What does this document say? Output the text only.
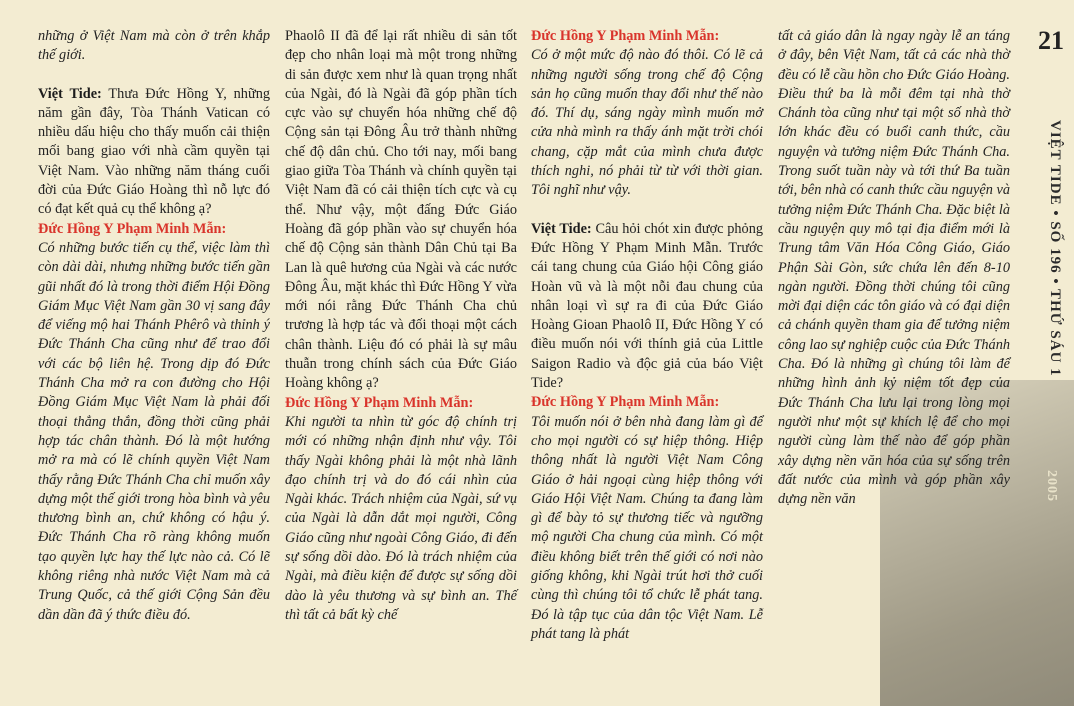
2005

những ở Việt Nam mà còn ở trên khắp thế giới.

Việt Tide: Thưa Đức Hồng Y, những năm gần đây, Tòa Thánh Vatican có nhiều dấu hiệu cho thấy muốn cải thiện mối bang giao với nhà cầm quyền tại Việt Nam. Vào những năm tháng cuối đời của Đức Giáo Hoàng thì nỗ lực đó có đạt kết quả cụ thể không ạ?

Đức Hồng Y Phạm Minh Mẫn:

Có những bước tiến cụ thể, việc làm thì còn dài dài, nhưng những bước tiến gần gũi nhất đó là trong thời điểm Hội Đồng Giám Mục Việt Nam gần 30 vị sang đây để viếng mộ hai Thánh Phêrô và thỉnh ý Đức Thánh Cha cũng như để trao đổi với các bộ liên hệ. Trong dịp đó Đức Thánh Cha mở ra con đường cho Hội Đồng Giám Mục Việt Nam là phải đối thoại thẳng thắn, đồng thời cũng phải hợp tác chân thành. Đó là một hướng mở ra mà có lẽ chính quyền Việt Nam thấy rằng Đức Thánh Cha chỉ muốn xây dựng một thế giới trong hòa bình và yêu thương bình an, chứ không có hậu ý. Đức Thánh Cha rõ ràng không muốn tạo quyền lực hay thế lực nào cả. Có lẽ không riêng nhà nước Việt Nam mà cả Trung Quốc, cả thế giới Cộng Sản đều dần dần đã ý thức điều đó.

Phaolô II đã để lại rất nhiều di sản tốt đẹp cho nhân loại mà một trong những di sản được xem như là quan trọng nhất của Ngài, đó là Ngài đã góp phần tích cực vào sự chuyển hóa những chế độ Cộng sản tại Đông Âu trở thành những chế độ dân chủ. Cho tới nay, mối bang giao giữa Tòa Thánh và chính quyền tại Việt Nam đã có cải thiện tích cực và cụ thể. Như vậy, một đấng Đức Giáo Hoàng đã góp phần vào sự chuyển hóa chế độ Cộng sản thành Dân Chủ tại Ba Lan là quê hương của Ngài và các nước Đông Âu, mặt khác thì Đức Hồng Y vừa mới nói rằng Đức Thánh Cha chủ trương là hợp tác và đối thoại một cách chân thành. Liệu đó có phải là sự mâu thuẫn trong chính sách của Đức Giáo Hoàng không ạ?

Đức Hồng Y Phạm Minh Mẫn:

Khi người ta nhìn từ góc độ chính trị mới có những nhận định như vậy. Tôi thấy Ngài không phải là một nhà lãnh đạo chính trị và do đó cái nhìn của Ngài khác. Trách nhiệm của Ngài, sứ vụ của Ngài là dẫn dắt mọi người, Công Giáo cũng như ngoài Công Giáo, đi đến sự sống dồi dào. Đó là trách nhiệm của Ngài, mà điều kiện để được sự sống dồi dào là yêu thương và sự bình an. Thế thì tất cả bất kỳ chế

Đức Hồng Y Phạm Minh Mẫn:

Có ở một mức độ nào đó thôi. Có lẽ cả những người sống trong chế độ Cộng sản họ cũng muốn thay đổi như thế nào đó. Thí dụ, sáng ngày mình muốn mở cửa nhà mình ra thấy ánh mặt trời chói chang, cặp mắt của mình chưa được thích nghi, nó phải từ từ với thời gian. Tôi nghĩ như vậy.

Việt Tide: Câu hỏi chót xin được phỏng Đức Hồng Y Phạm Minh Mẫn. Trước cái tang chung của Giáo hội Công giáo Hoàn vũ và là một nỗi đau chung của nhân loại vì sự ra đi của Đức Giáo Hoàng Gioan Phaolô II, Đức Hồng Y có điều muốn nói với thính giả của Little Saigon Radio và độc giả của báo Việt Tide?

Đức Hồng Y Phạm Minh Mẫn:

Tôi muốn nói ở bên nhà đang làm gì để cho mọi người có sự hiệp thông. Hiệp thông nhất là người Việt Nam Công Giáo ở hải ngoại cùng hiệp thông với Giáo Hội Việt Nam. Chúng ta đang làm gì để bày tỏ sự thương tiếc và ngưỡng mộ người Cha chung của mình. Có một điều không biết trên thế giới có nơi nào giống không, khi Ngài trút hơi thở cuối cùng thì chúng tôi tổ chức lễ phát tang. Đó là tập tục của dân tộc Việt Nam. Lễ phát tang là phát

tất cả giáo dân là ngay ngày lễ an táng ở đây, bên Việt Nam, tất cả các nhà thờ đều có lễ cầu hồn cho Đức Giáo Hoàng. Điều thứ ba là mỗi đêm tại nhà thờ Chánh tòa cũng như tại một số nhà thờ lớn khác đều có buổi canh thức, cầu nguyện và tưởng niệm Đức Thánh Cha. Trong suốt tuần này và tới thứ Ba tuần tới, bên nhà có canh thức cầu nguyện và tưởng niệm Đức Thánh Cha. Đặc biệt là cầu nguyện quy mô tại địa điểm mới là Trung tâm Văn Hóa Công Giáo, Giáo Phận Sài Gòn, sức chứa lên đến 8-10 ngàn người. Đồng thời chúng tôi cũng mời đại diện các tôn giáo và có đại diện cả chánh quyền tham gia để tưởng niệm công lao sự nghiệp cuộc của Đức Thánh Cha. Đó là những gì chúng tôi làm để những hình ảnh kỷ niệm tốt đẹp của Đức Thánh Cha lưu lại trong lòng mọi người như một sự khích lệ để cho mọi người cùng làm thế nào để góp phần xây dựng nền văn hóa của sự sống trên đất nước của mình và góp phần xây dựng nền văn

21
VIỆT TIDE • SỐ 196 • THỨ SÁU 1
